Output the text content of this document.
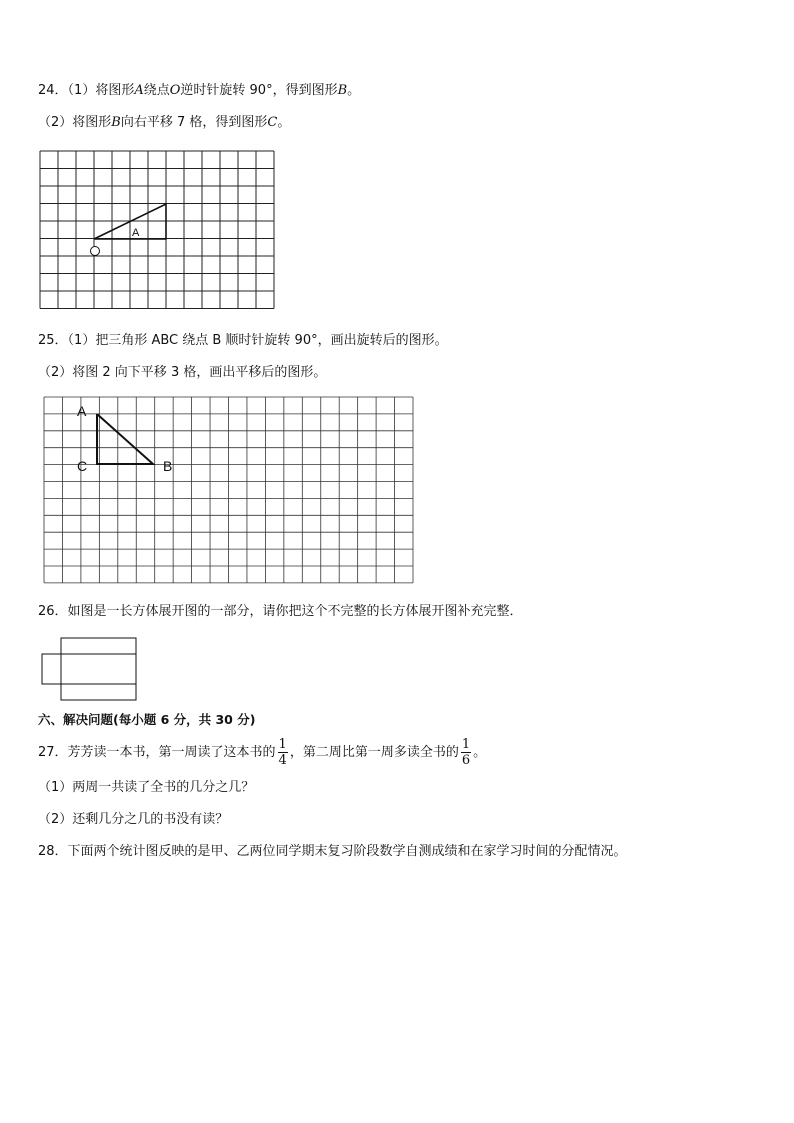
24．（1）将图形A绕点O逆时针旋转 90°，得到图形B。
（2）将图形B向右平移 7 格，得到图形C。
A
A
C	B
25．（1）把三角形 ABC 绕点 B 顺时针旋转 90°，画出旋转后的图形。
（2）将图 2 向下平移 3 格，画出平移后的图形。
26．如图是一长方体展开图的一部分，请你把这个不完整的长方体展开图补充完整．
六、解决问题(每小题 6 分，共 30 分)
27．芳芳读一本书，第一周读了这本书的 $\frac{1}{4}$ ，第二周比第一周多读全书的 $\frac{1}{6}$ 。
（1）两周一共读了全书的几分之几？
（2）还剩几分之几的书没有读？
28．下面两个统计图反映的是甲、乙两位同学期末复习阶段数学自测成绩和在家学习时间的分配情况。
